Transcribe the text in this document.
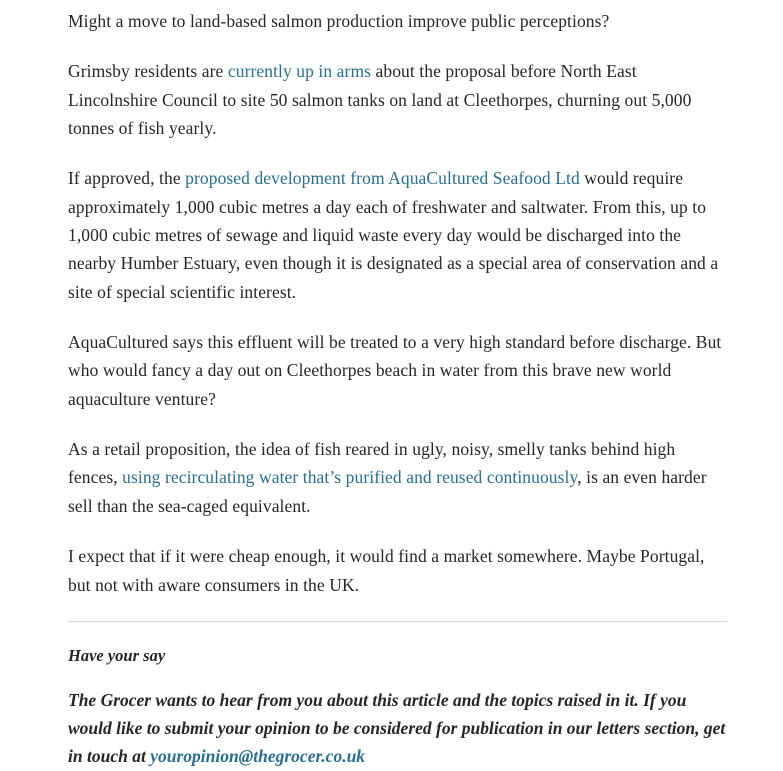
Might a move to land-based salmon production improve public perceptions?

Grimsby residents are currently up in arms about the proposal before North East Lincolnshire Council to site 50 salmon tanks on land at Cleethorpes, churning out 5,000 tonnes of fish yearly.

If approved, the proposed development from AquaCultured Seafood Ltd would require approximately 1,000 cubic metres a day each of freshwater and saltwater. From this, up to 1,000 cubic metres of sewage and liquid waste every day would be discharged into the nearby Humber Estuary, even though it is designated as a special area of conservation and a site of special scientific interest.

AquaCultured says this effluent will be treated to a very high standard before discharge. But who would fancy a day out on Cleethorpes beach in water from this brave new world aquaculture venture?

As a retail proposition, the idea of fish reared in ugly, noisy, smelly tanks behind high fences, using recirculating water that’s purified and reused continuously, is an even harder sell than the sea-caged equivalent.

I expect that if it were cheap enough, it would find a market somewhere. Maybe Portugal, but not with aware consumers in the UK.

Have your say

The Grocer wants to hear from you about this article and the topics raised in it. If you would like to submit your opinion to be considered for publication in our letters section, get in touch at youropinion@thegrocer.co.uk
